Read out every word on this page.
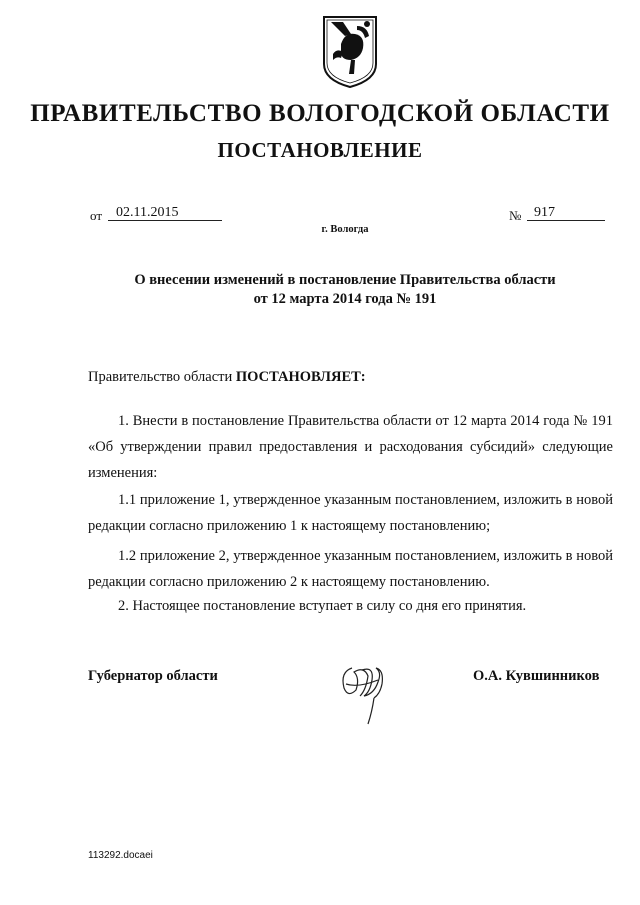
ПРАВИТЕЛЬСТВО ВОЛОГОДСКОЙ ОБЛАСТИ
ПОСТАНОВЛЕНИЕ
от 02.11.2015	№ 917
г. Вологда
О внесении изменений в постановление Правительства области
от 12 марта 2014 года № 191
Правительство области ПОСТАНОВЛЯЕТ:
1. Внести в постановление Правительства области от 12 марта 2014 года № 191 «Об утверждении правил предоставления и расходования субсидий» следующие изменения:
1.1 приложение 1, утвержденное указанным постановлением, изложить в новой редакции согласно приложению 1 к настоящему постановлению;
1.2 приложение 2, утвержденное указанным постановлением, изложить в новой редакции согласно приложению 2 к настоящему постановлению.
2. Настоящее постановление вступает в силу со дня его принятия.
Губернатор области	О.А. Кувшинников
113292.docaei
